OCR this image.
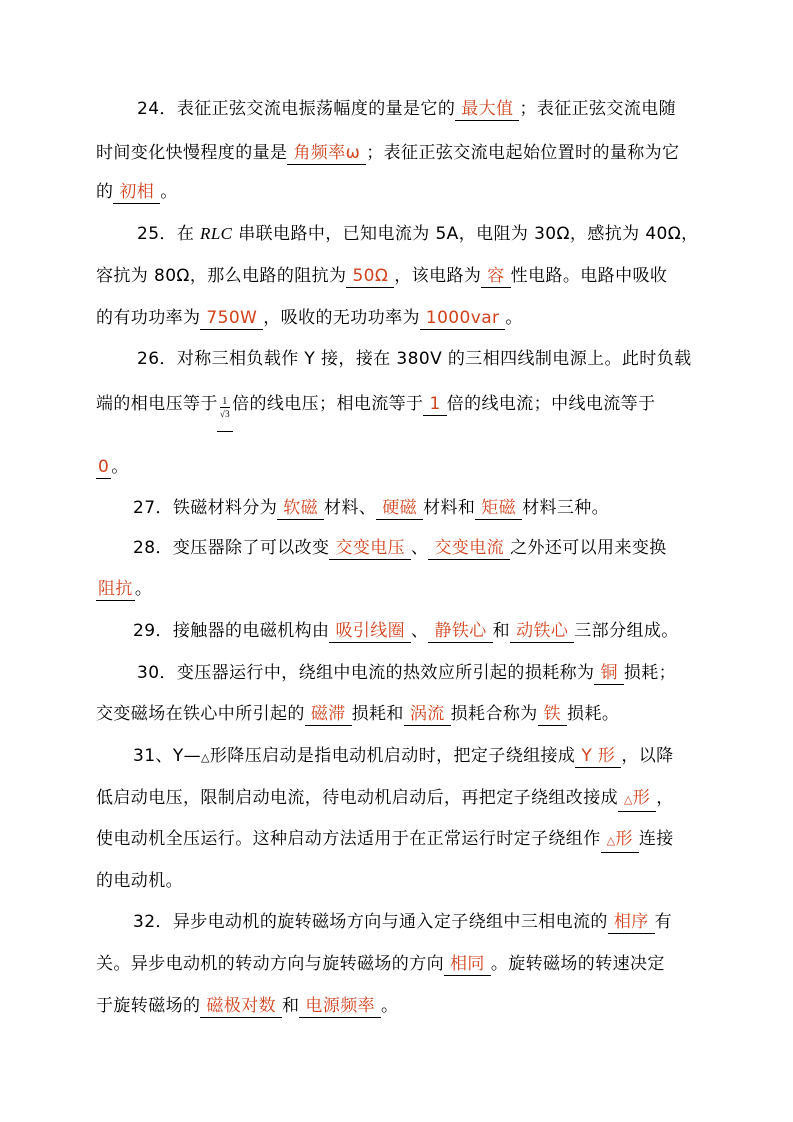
24．表征正弦交流电振荡幅度的量是它的 最大值 ；表征正弦交流电随
时间变化快慢程度的量是 角频率ω ；表征正弦交流电起始位置时的量称为它
的 初相 。
25．在 RLC 串联电路中，已知电流为 5A，电阻为 30Ω，感抗为 40Ω，
容抗为 80Ω，那么电路的阻抗为 50Ω ，该电路为 容 性电路。电路中吸收
的有功功率为 750W ，吸收的无功功率为 1000var 。
26．对称三相负载作 Y 接，接在 380V 的三相四线制电源上。此时负载
端的相电压等于 $\frac{1}{√3}$ 倍的线电压；相电流等于 1 倍的线电流；中线电流等于
0 。
27．铁磁材料分为 软磁 材料、 硬磁 材料和 矩磁 材料三种。
28．变压器除了可以改变 交变电压 、 交变电流 之外还可以用来变换
阻抗 。
29．接触器的电磁机构由 吸引线圈 、 静铁心 和 动铁心 三部分组成。
30．变压器运行中，绕组中电流的热效应所引起的损耗称为 铜 损耗；
交变磁场在铁心中所引起的 磁滞 损耗和 涡流 损耗合称为 铁 损耗。
31、Y—△形降压启动是指电动机启动时，把定子绕组接成 Y 形 ，以降
低启动电压，限制启动电流，待电动机启动后，再把定子绕组改接成 △形 ，
使电动机全压运行。这种启动方法适用于在正常运行时定子绕组作 △形 连接
的电动机。
32．异步电动机的旋转磁场方向与通入定子绕组中三相电流的 相序 有
关。异步电动机的转动方向与旋转磁场的方向 相同 。旋转磁场的转速决定
于旋转磁场的 磁极对数 和 电源频率 。
